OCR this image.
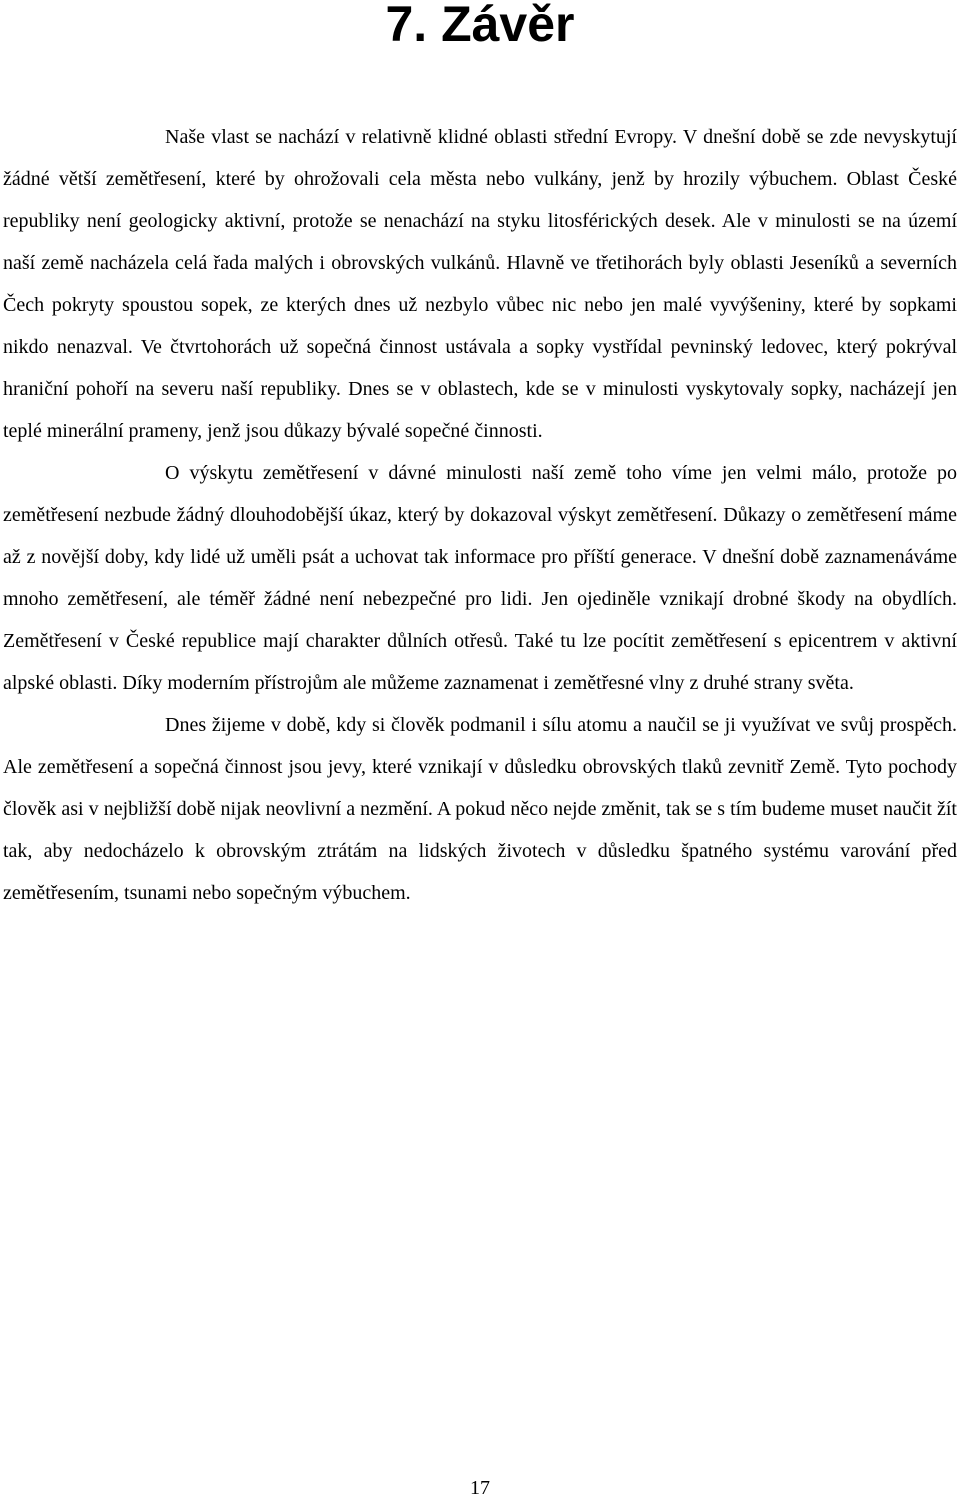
7. Závěr

Naše vlast se nachází v relativně klidné oblasti střední Evropy. V dnešní době se zde nevyskytují žádné větší zemětřesení, které by ohrožovali cela města nebo vulkány, jenž by hrozily výbuchem. Oblast České republiky není geologicky aktivní, protože se nenachází na styku litosférických desek. Ale v minulosti se na území naší země nacházela celá řada malých i obrovských vulkánů. Hlavně ve třetihorách byly oblasti Jeseníků a severních Čech pokryty spoustou sopek, ze kterých dnes už nezbylo vůbec nic nebo jen malé vyvýšeniny, které by sopkami nikdo nenazval. Ve čtvrtohorách už sopečná činnost ustávala a sopky vystřídal pevninský ledovec, který pokrýval hraniční pohoří na severu naší republiky. Dnes se v oblastech, kde se v minulosti vyskytovaly sopky, nacházejí jen teplé minerální prameny, jenž jsou důkazy bývalé sopečné činnosti.

O výskytu zemětřesení v dávné minulosti naší země toho víme jen velmi málo, protože po zemětřesení nezbude žádný dlouhodobější úkaz, který by dokazoval výskyt zemětřesení. Důkazy o zemětřesení máme až z novější doby, kdy lidé už uměli psát a uchovat tak informace pro příští generace. V dnešní době zaznamenáváme mnoho zemětřesení, ale téměř žádné není nebezpečné pro lidi. Jen ojediněle vznikají drobné škody na obydlích. Zemětřesení v České republice mají charakter důlních otřesů. Také tu lze pocítit zemětřesení s epicentrem v aktivní alpské oblasti. Díky moderním přístrojům ale můžeme zaznamenat i zemětřesné vlny z druhé strany světa.

Dnes žijeme v době, kdy si člověk podmanil i sílu atomu a naučil se ji využívat ve svůj prospěch. Ale zemětřesení a sopečná činnost jsou jevy, které vznikají v důsledku obrovských tlaků zevnitř Země. Tyto pochody člověk asi v nejbližší době nijak neovlivní a nezmění. A pokud něco nejde změnit, tak se s tím budeme muset naučit žít tak, aby nedocházelo k obrovským ztrátám na lidských životech v důsledku špatného systému varování před zemětřesením, tsunami nebo sopečným výbuchem.

17
